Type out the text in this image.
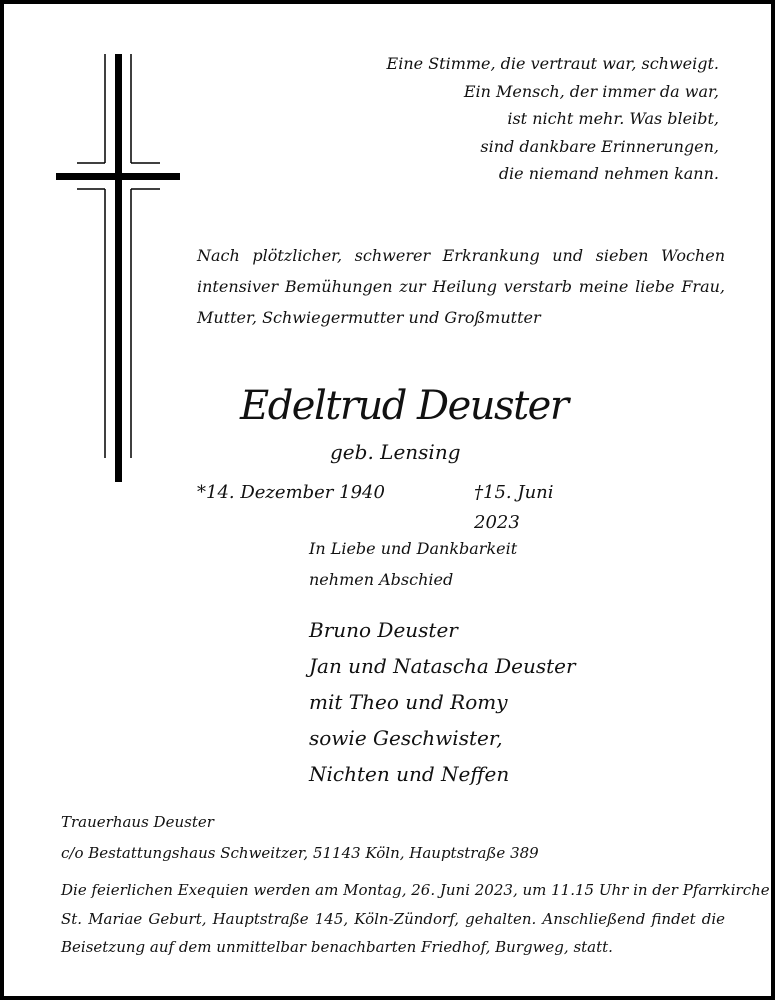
Eine Stimme, die vertraut war, schweigt.
Ein Mensch, der immer da war,
ist nicht mehr. Was bleibt,
sind dankbare Erinnerungen,
die niemand nehmen kann.
Nach plötzlicher, schwerer Erkrankung und sieben Wochen
intensiver Bemühungen zur Heilung verstarb meine liebe Frau,
Mutter, Schwiegermutter und Großmutter
Edeltrud Deuster
geb. Lensing
*14. Dezember 1940	†15. Juni 2023
In Liebe und Dankbarkeit
nehmen Abschied
Bruno Deuster
Jan und Natascha Deuster
mit Theo und Romy
sowie Geschwister,
Nichten und Neffen
Trauerhaus Deuster
c/o Bestattungshaus Schweitzer, 51143 Köln, Hauptstraße 389
Die feierlichen Exequien werden am Montag, 26. Juni 2023, um 11.15 Uhr in der Pfarrkirche
St. Mariae Geburt, Hauptstraße 145, Köln-Zündorf, gehalten. Anschließend findet die
Beisetzung auf dem unmittelbar benachbarten Friedhof, Burgweg, statt.
